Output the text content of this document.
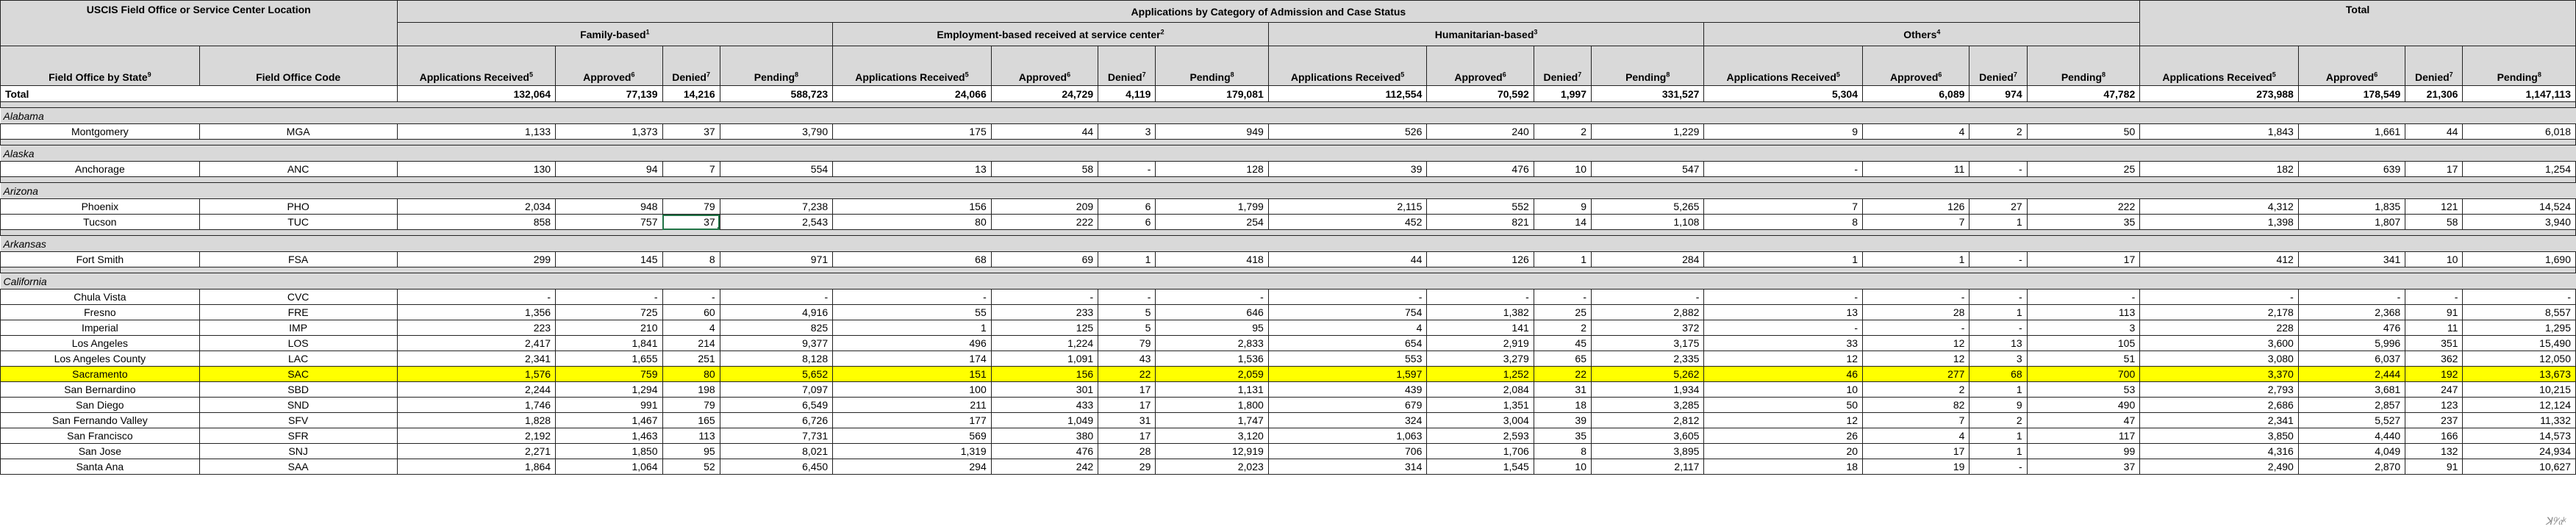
USCIS Field Office or Service Center Location		Applications by Category of Admission and Case Status																Total			
		Family-based$^1$				Employment-based received at service center$^2$				Humanitarian-based$^3$				Others$^4$
Field Office by State$^9$	Field Office Code	Applications Received$^5$	Approved$^6$	Denied$^7$	Pending$^8$	Applications Received$^5$	Approved$^6$	Denied$^7$	Pending$^8$	Applications Received$^5$	Approved$^6$	Denied$^7$	Pending$^8$	Applications Received$^5$	Approved$^6$	Denied$^7$	Pending$^8$	Applications Received$^5$	Approved$^6$	Denied$^7$	Pending$^8$
Total		132,064	77,139	14,216	588,723	24,066	24,729	4,119	179,081	112,554	70,592	1,997	331,527	5,304	6,089	974	47,782	273,988	178,549	21,306	1,147,113

Alabama																					
Montgomery	MGA	1,133	1,373	37	3,790	175	44	3	949	526	240	2	1,229	9	4	2	50	1,843	1,661	44	6,018

Alaska																					
Anchorage	ANC	130	94	7	554	13	58	-	128	39	476	10	547	-	11	-	25	182	639	17	1,254

Arizona																					
Phoenix	PHO	2,034	948	79	7,238	156	209	6	1,799	2,115	552	9	5,265	7	126	27	222	4,312	1,835	121	14,524
Tucson	TUC	858	757	37	2,543	80	222	6	254	452	821	14	1,108	8	7	1	35	1,398	1,807	58	3,940

Arkansas																					
Fort Smith	FSA	299	145	8	971	68	69	1	418	44	126	1	284	1	1	-	17	412	341	10	1,690

California																					
Chula Vista	CVC	-	-	-	-	-	-	-	-	-	-	-	-	-	-	-	-	-	-	-	-
Fresno	FRE	1,356	725	60	4,916	55	233	5	646	754	1,382	25	2,882	13	28	1	113	2,178	2,368	91	8,557
Imperial	IMP	223	210	4	825	1	125	5	95	4	141	2	372	-	-	-	3	228	476	11	1,295
Los Angeles	LOS	2,417	1,841	214	9,377	496	1,224	79	2,833	654	2,919	45	3,175	33	12	13	105	3,600	5,996	351	15,490
Los Angeles County	LAC	2,341	1,655	251	8,128	174	1,091	43	1,536	553	3,279	65	2,335	12	12	3	51	3,080	6,037	362	12,050
Sacramento	SAC	1,576	759	80	5,652	151	156	22	2,059	1,597	1,252	22	5,262	46	277	68	700	3,370	2,444	192	13,673
San Bernardino	SBD	2,244	1,294	198	7,097	100	301	17	1,131	439	2,084	31	1,934	10	2	1	53	2,793	3,681	247	10,215
San Diego	SND	1,746	991	79	6,549	211	433	17	1,800	679	1,351	18	3,285	50	82	9	490	2,686	2,857	123	12,124
San Fernando Valley	SFV	1,828	1,467	165	6,726	177	1,049	31	1,747	324	3,004	39	2,812	12	7	2	47	2,341	5,527	237	11,332
San Francisco	SFR	2,192	1,463	113	7,731	569	380	17	3,120	1,063	2,593	35	3,605	26	4	1	117	3,850	4,440	166	14,573
San Jose	SNJ	2,271	1,850	95	8,021	1,319	476	28	12,919	706	1,706	8	3,895	20	17	1	99	4,316	4,049	132	24,934
Santa Ana	SAA	1,864	1,064	52	6,450	294	242	29	2,023	314	1,545	10	2,117	18	19	-	37	2,490	2,870	91	10,627
ꓘ⁰⁄𝔞ᵏ
